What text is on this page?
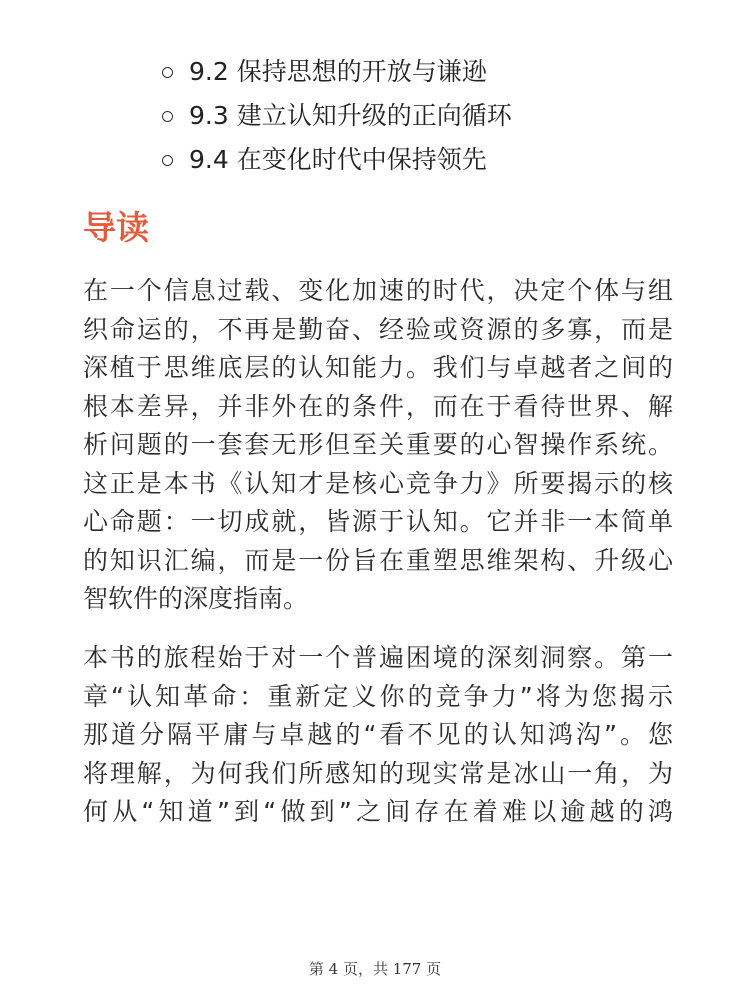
9.2 保持思想的开放与谦逊
9.3 建立认知升级的正向循环
9.4 在变化时代中保持领先
导读
在一个信息过载、变化加速的时代，决定个体与组
织命运的，不再是勤奋、经验或资源的多寡，而是
深植于思维底层的认知能力。我们与卓越者之间的
根本差异，并非外在的条件，而在于看待世界、解
析问题的一套套无形但至关重要的心智操作系统。
这正是本书《认知才是核心竞争力》所要揭示的核
心命题：一切成就，皆源于认知。它并非一本简单
的知识汇编，而是一份旨在重塑思维架构、升级心
智软件的深度指南。
本书的旅程始于对一个普遍困境的深刻洞察。第一
章“认知革命：重新定义你的竞争力”将为您揭示
那道分隔平庸与卓越的“看不见的认知鸿沟”。您
将理解，为何我们所感知的现实常是冰山一角，为
何从“知道”到“做到”之间存在着难以逾越的鸿
第 4 页，共 177 页
